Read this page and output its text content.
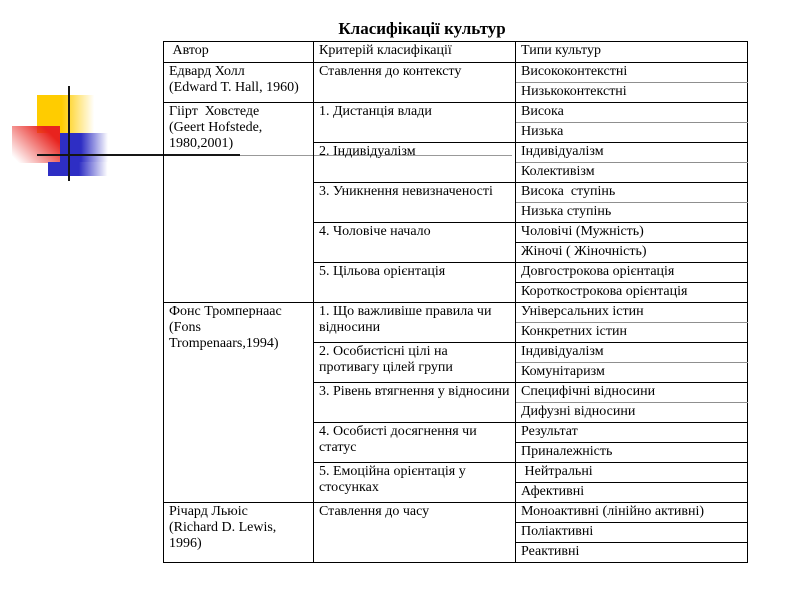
Класифікації культур
Автор	Критерій класифікації	Типи культур

Едвард Холл
(Edward T. Hall, 1960)	Ставлення до контексту	Висококонтекстні
		Низькоконтекстні

Гіірт  Ховстеде
(Geert Hofstede, 1980,2001)	1. Дистанція влади	Висока
		Низька
	2. Індивідуалізм	Індивідуалізм
		Колективізм
	3. Уникнення невизначеності	Висока  ступінь
		Низька ступінь
	4. Чоловіче начало	Чоловічі (Мужність)
		Жіночі ( Жіночність)
	5. Цільова орієнтація	Довгострокова орієнтація
		Короткострокова орієнтація

Фонс Тромпернаас
(Fons Trompenaars,1994)	1. Що важливіше правила чи відносини	Універсальних істин
		Конкретних істин
	2. Особистісні цілі на противагу цілей групи	Індивідуалізм
		Комунітаризм
	3. Рівень втягнення у відносини	Специфічні відносини
		Дифузні відносини
	4. Особисті досягнення чи статус	Результат
		Приналежність
	5. Емоційна орієнтація у стосунках	Нейтральні
		Афективні

Річард Льюіс
(Richard D. Lewis, 1996)	Ставлення до часу	Моноактивні (лінійно активні)
		Поліактивні
		Реактивні
